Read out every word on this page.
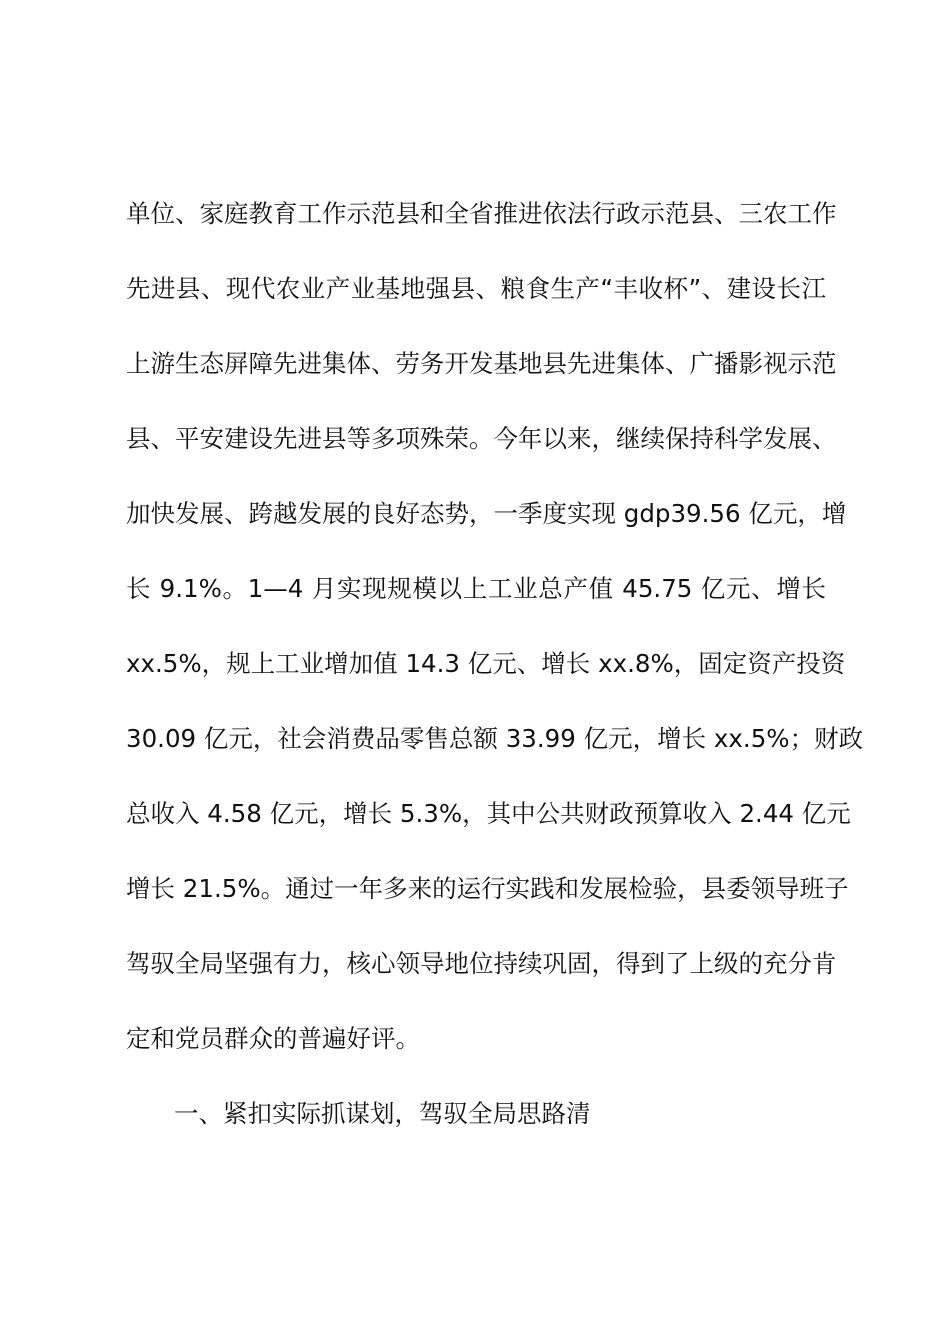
单位、家庭教育工作示范县和全省推进依法行政示范县、三农工作
先进县、现代农业产业基地强县、粮食生产“丰收杯”、建设长江
上游生态屏障先进集体、劳务开发基地县先进集体、广播影视示范
县、平安建设先进县等多项殊荣。今年以来，继续保持科学发展、
加快发展、跨越发展的良好态势，一季度实现 gdp39.56 亿元，增
长 9.1%。1—4 月实现规模以上工业总产值 45.75 亿元、增长
xx.5%，规上工业增加值 14.3 亿元、增长 xx.8%，固定资产投资
30.09 亿元，社会消费品零售总额 33.99 亿元，增长 xx.5%；财政
总收入 4.58 亿元，增长 5.3%，其中公共财政预算收入 2.44 亿元
增长 21.5%。通过一年多来的运行实践和发展检验，县委领导班子
驾驭全局坚强有力，核心领导地位持续巩固，得到了上级的充分肯
定和党员群众的普遍好评。
一、紧扣实际抓谋划，驾驭全局思路清
